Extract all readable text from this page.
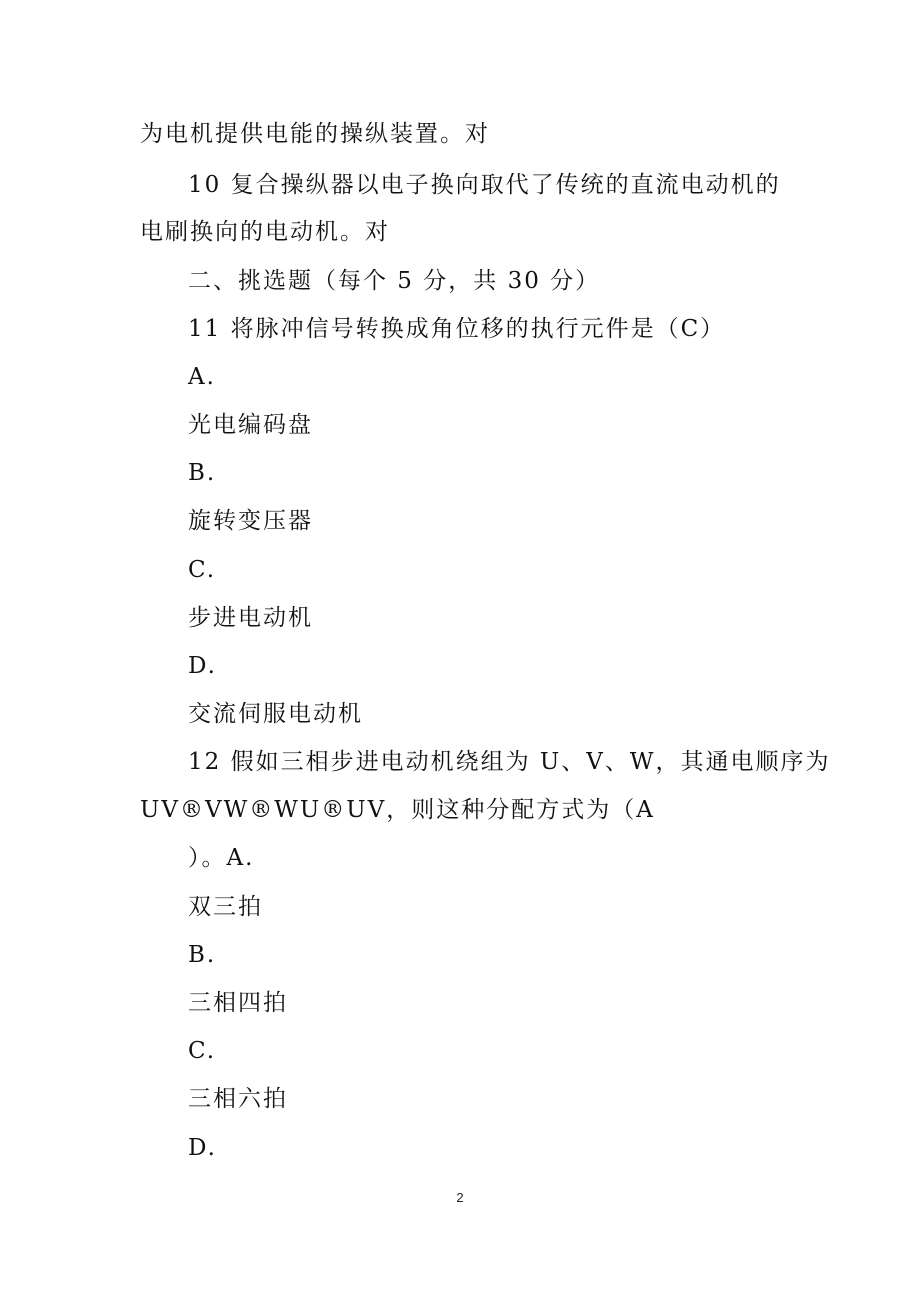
为电机提供电能的操纵装置。对
10 复合操纵器以电子换向取代了传统的直流电动机的
电刷换向的电动机。对
二、挑选题（每个 5 分，共 30 分）
11 将脉冲信号转换成角位移的执行元件是（C）
A.
光电编码盘
B.
旋转变压器
C.
步进电动机
D.
交流伺服电动机
12 假如三相步进电动机绕组为 U、V、W，其通电顺序为
UV®VW®WU®UV，则这种分配方式为（A
）。A.
双三拍
B.
三相四拍
C.
三相六拍
D.
2
